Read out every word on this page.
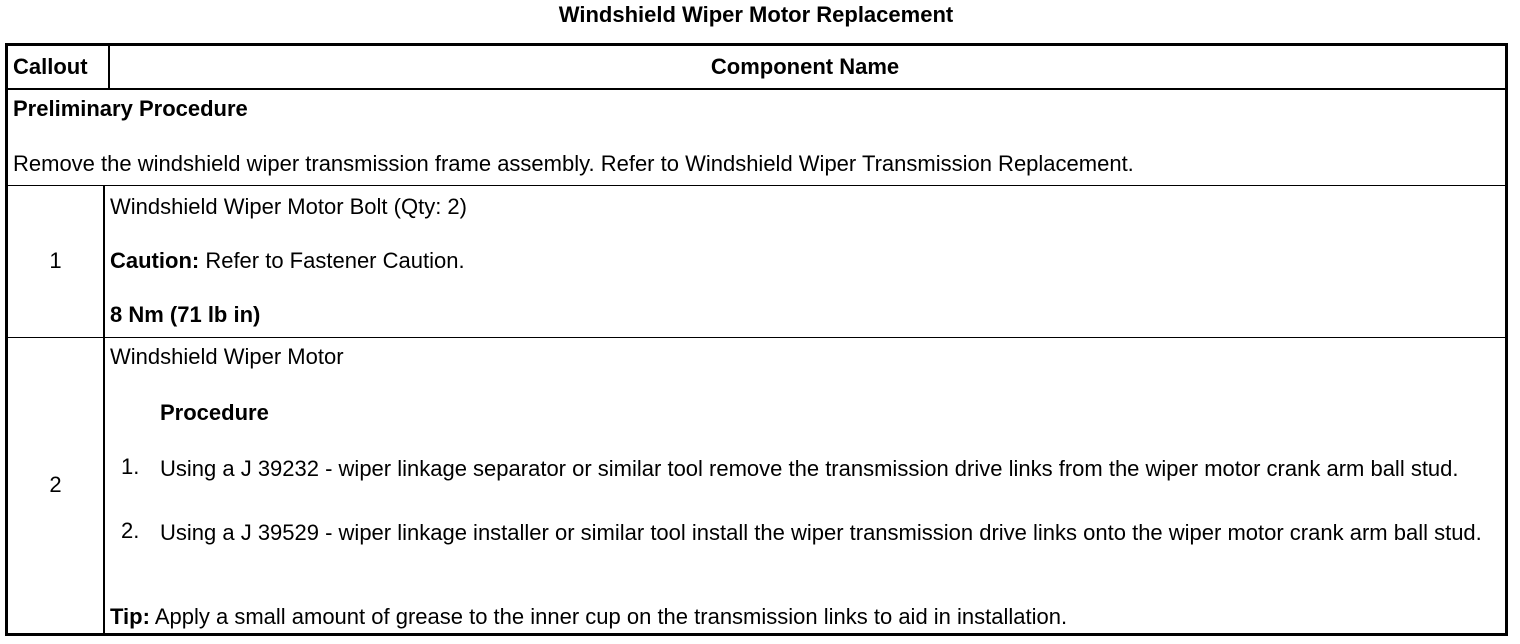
Windshield Wiper Motor Replacement
Callout	Component Name
Preliminary Procedure
Remove the windshield wiper transmission frame assembly. Refer to Windshield Wiper Transmission Replacement.
1
Windshield Wiper Motor Bolt (Qty: 2)
Caution: Refer to Fastener Caution.
8 Nm (71 lb in)
2
Windshield Wiper Motor
Procedure
1. Using a J 39232 - wiper linkage separator or similar tool remove the transmission drive links from the wiper motor crank arm ball stud.
2. Using a J 39529 - wiper linkage installer or similar tool install the wiper transmission drive links onto the wiper motor crank arm ball stud.
Tip: Apply a small amount of grease to the inner cup on the transmission links to aid in installation.
